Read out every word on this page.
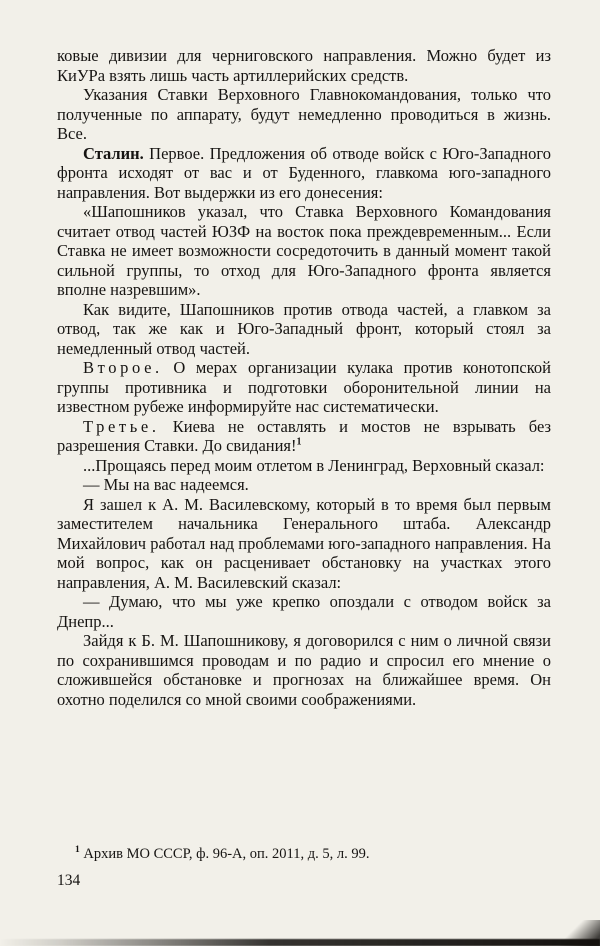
ковые дивизии для черниговского направления. Можно будет из КиУРа взять лишь часть артиллерийских средств.

Указания Ставки Верховного Главнокомандования, только что полученные по аппарату, будут немедленно проводиться в жизнь. Все.

Сталин. Первое. Предложения об отводе войск с Юго-Западного фронта исходят от вас и от Буденного, главкома юго-западного направления. Вот выдержки из его донесения:

«Шапошников указал, что Ставка Верховного Командования считает отвод частей ЮЗФ на восток пока преждевременным... Если Ставка не имеет возможности сосредоточить в данный момент такой сильной группы, то отход для Юго-Западного фронта является вполне назревшим».

Как видите, Шапошников против отвода частей, а главком за отвод, так же как и Юго-Западный фронт, который стоял за немедленный отвод частей.

Второе. О мерах организации кулака против конотопской группы противника и подготовки оборонительной линии на известном рубеже информируйте нас систематически.

Третье. Киева не оставлять и мостов не взрывать без разрешения Ставки. До свидания!$^1$

...Прощаясь перед моим отлетом в Ленинград, Верховный сказал:

— Мы на вас надеемся.

Я зашел к А. М. Василевскому, который в то время был первым заместителем начальника Генерального штаба. Александр Михайлович работал над проблемами юго-западного направления. На мой вопрос, как он расценивает обстановку на участках этого направления, А. М. Василевский сказал:

— Думаю, что мы уже крепко опоздали с отводом войск за Днепр...

Зайдя к Б. М. Шапошникову, я договорился с ним о личной связи по сохранившимся проводам и по радио и спросил его мнение о сложившейся обстановке и прогнозах на ближайшее время. Он охотно поделился со мной своими соображениями.

$^1$ Архив МО СССР, ф. 96-А, оп. 2011, д. 5, л. 99.
134
